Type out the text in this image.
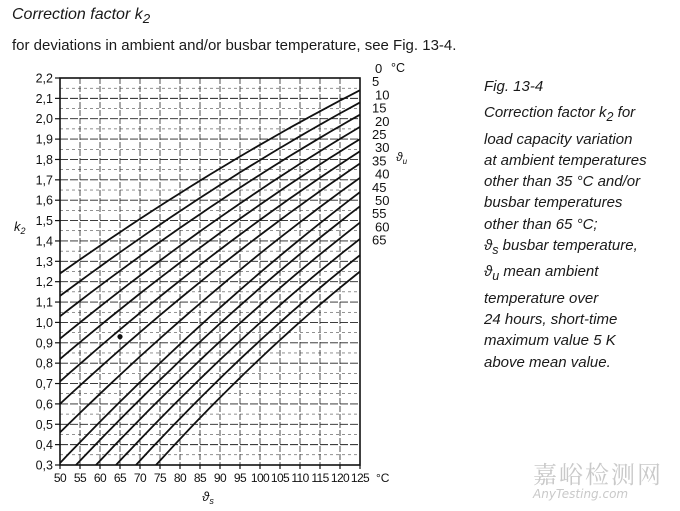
Correction factor $k_2$
for deviations in ambient and/or busbar temperature, see Fig. 13-4.
0,3
0,4
0,5
0,6
0,7
0,8
0,9
1,0
1,1
1,2
1,3
1,4
1,5
1,6
1,7
1,8
1,9
2,0
2,1
2,2
50 55 60 65 70 75 80 85 90 95 100 105 110 115 120 125 °C
$ϑ_s$
$k_2$
0
5
10
15
20
25
30
35
40
45
50
55
60
65
°C
$ϑ_u$
Fig. 13-4
Correction factor $k_2$ for
load capacity variation
at ambient temperatures
other than 35 °C and/or
busbar temperatures
other than 65 °C;
$ϑ_s$ busbar temperature,
$ϑ_u$ mean ambient
temperature over
24 hours, short-time
maximum value 5 K
above mean value.
嘉峪检测网
AnyTesting.com
